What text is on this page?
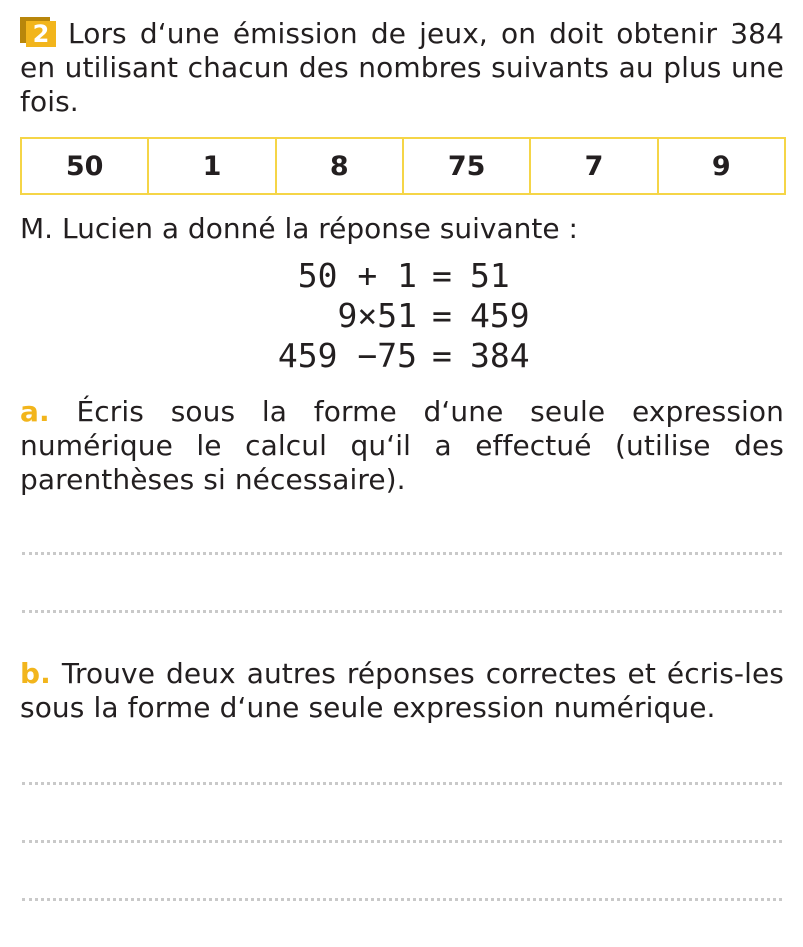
2 Lors d‘une émission de jeux, on doit obtenir 384 en utilisant chacun des nombres suivants au plus une fois.
50	1	8	75	7	9
M. Lucien a donné la réponse suivante :
50 + 1 = 51
9×51 = 459
459 −75 = 384
a. Écris sous la forme d‘une seule expression numérique le calcul qu‘il a effectué (utilise des parenthèses si nécessaire).
b. Trouve deux autres réponses correctes et écris-les sous la forme d‘une seule expression numérique.
